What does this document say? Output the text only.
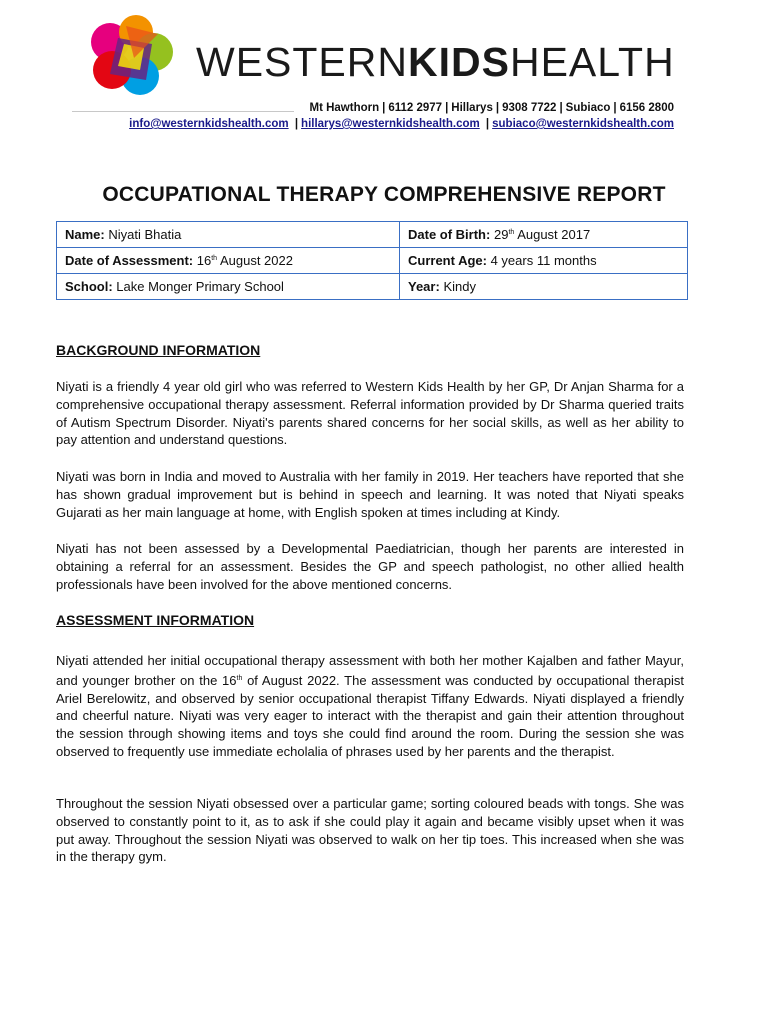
WESTERNKIDSHEALTH
Mt Hawthorn | 6112 2977 | Hillarys | 9308 7722 | Subiaco | 6156 2800
info@westernkidshealth.com | hillarys@westernkidshealth.com | subiaco@westernkidshealth.com
OCCUPATIONAL THERAPY COMPREHENSIVE REPORT
Name: Niyati Bhatia	Date of Birth: 29th August 2017
Date of Assessment: 16th August 2022	Current Age: 4 years 11 months
School: Lake Monger Primary School	Year: Kindy

BACKGROUND INFORMATION

Niyati is a friendly 4 year old girl who was referred to Western Kids Health by her GP, Dr Anjan Sharma for a comprehensive occupational therapy assessment. Referral information provided by Dr Sharma queried traits of Autism Spectrum Disorder. Niyati's parents shared concerns for her social skills, as well as her ability to pay attention and understand questions.

Niyati was born in India and moved to Australia with her family in 2019. Her teachers have reported that she has shown gradual improvement but is behind in speech and learning. It was noted that Niyati speaks Gujarati as her main language at home, with English spoken at times including at Kindy.

Niyati has not been assessed by a Developmental Paediatrician, though her parents are interested in obtaining a referral for an assessment. Besides the GP and speech pathologist, no other allied health professionals have been involved for the above mentioned concerns.

ASSESSMENT INFORMATION

Niyati attended her initial occupational therapy assessment with both her mother Kajalben and father Mayur, and younger brother on the 16th of August 2022. The assessment was conducted by occupational therapist Ariel Berelowitz, and observed by senior occupational therapist Tiffany Edwards. Niyati displayed a friendly and cheerful nature. Niyati was very eager to interact with the therapist and gain their attention throughout the session through showing items and toys she could find around the room. During the session she was observed to frequently use immediate echolalia of phrases used by her parents and the therapist.

Throughout the session Niyati obsessed over a particular game; sorting coloured beads with tongs. She was observed to constantly point to it, as to ask if she could play it again and became visibly upset when it was put away. Throughout the session Niyati was observed to walk on her tip toes. This increased when she was in the therapy gym.
